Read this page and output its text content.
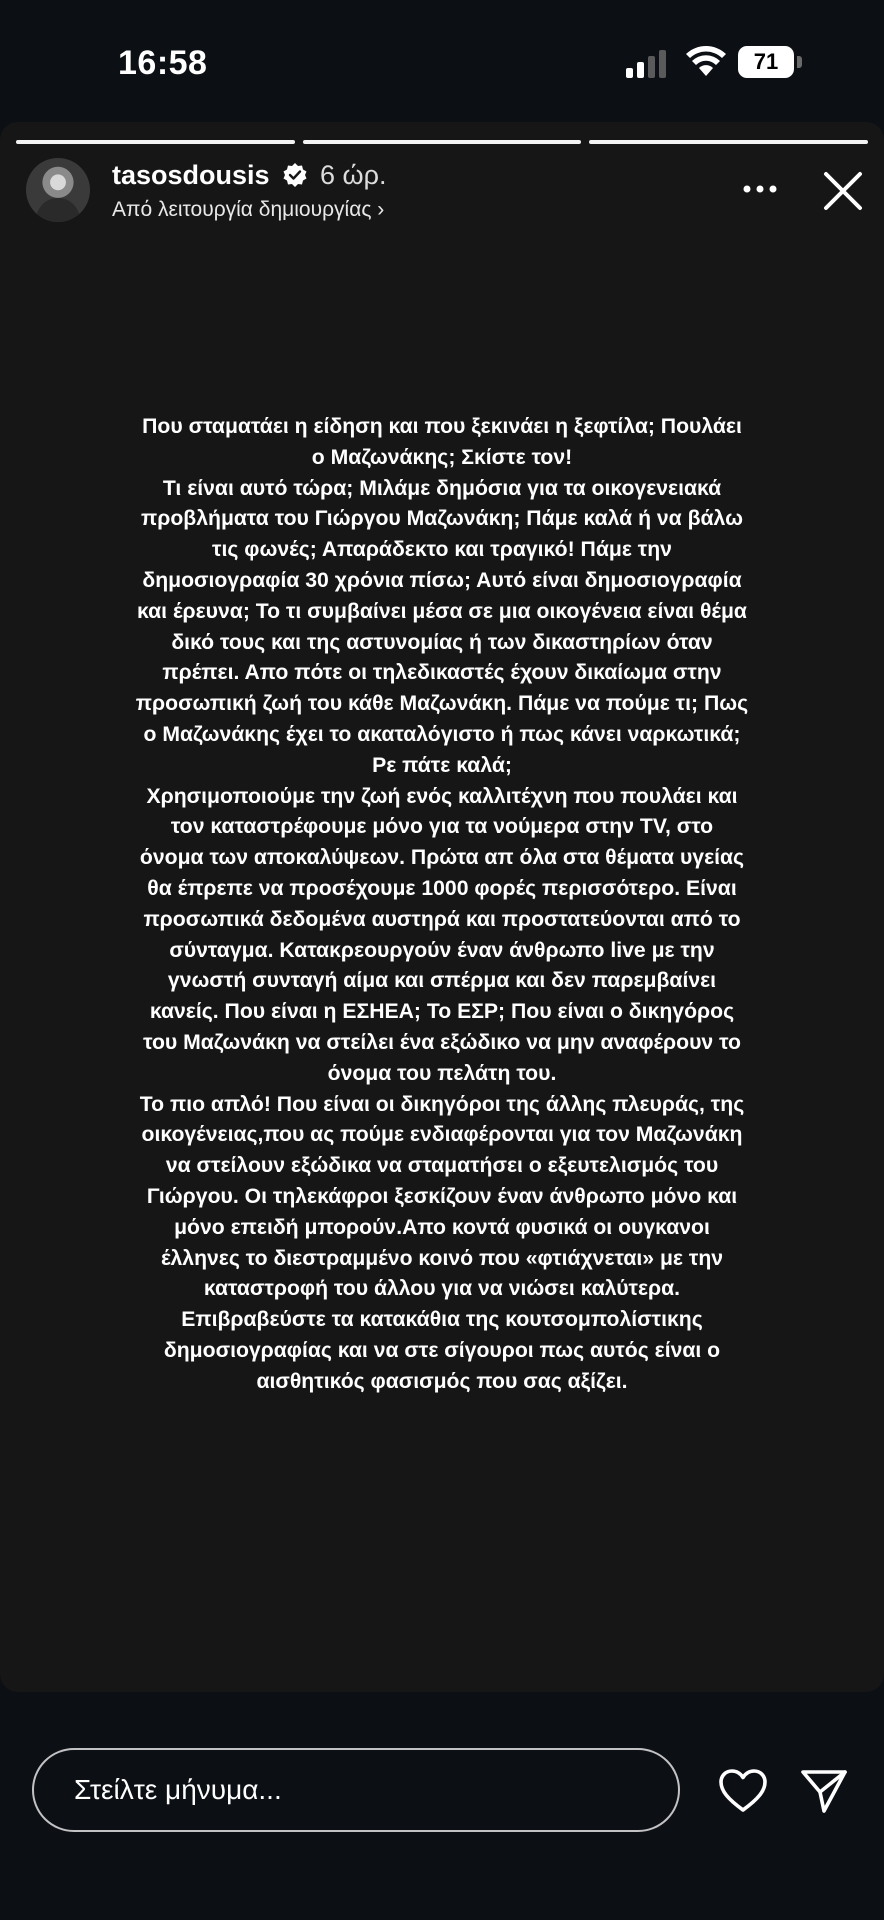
16:58	71
tasosdousis 6 ώρ.
Από λειτουργία δημιουργίας ›

Που σταματάει η είδηση και που ξεκινάει η ξεφτίλα; Πουλάει
ο Μαζωνάκης; Σκίστε τον!

Τι είναι αυτό τώρα; Μιλάμε δημόσια για τα οικογενειακά
προβλήματα του Γιώργου Μαζωνάκη; Πάμε καλά ή να βάλω
τις φωνές; Απαράδεκτο και τραγικό! Πάμε την
δημοσιογραφία 30 χρόνια πίσω; Αυτό είναι δημοσιογραφία
και έρευνα; Το τι συμβαίνει μέσα σε μια οικογένεια είναι θέμα
δικό τους και της αστυνομίας ή των δικαστηρίων όταν
πρέπει. Απο πότε οι τηλεδικαστές έχουν δικαίωμα στην
προσωπική ζωή του κάθε Μαζωνάκη. Πάμε να πούμε τι; Πως
ο Μαζωνάκης έχει το ακαταλόγιστο ή πως κάνει ναρκωτικά;
Ρε πάτε καλά;

Χρησιμοποιούμε την ζωή ενός καλλιτέχνη που πουλάει και
τον καταστρέφουμε μόνο για τα νούμερα στην TV, στο
όνομα των αποκαλύψεων. Πρώτα απ όλα στα θέματα υγείας
θα έπρεπε να προσέχουμε 1000 φορές περισσότερο. Είναι
προσωπικά δεδομένα αυστηρά και προστατεύονται από το
σύνταγμα. Κατακρεουργούν έναν άνθρωπο live με την
γνωστή συνταγή αίμα και σπέρμα και δεν παρεμβαίνει
κανείς. Που είναι η ΕΣΗΕΑ; Το ΕΣΡ; Που είναι ο δικηγόρος
του Μαζωνάκη να στείλει ένα εξώδικο να μην αναφέρουν το
όνομα του πελάτη του.

Το πιο απλό! Που είναι οι δικηγόροι της άλλης πλευράς, της
οικογένειας,που ας πούμε ενδιαφέρονται για τον Μαζωνάκη
να στείλουν εξώδικα να σταματήσει ο εξευτελισμός του
Γιώργου. Οι τηλεκάφροι ξεσκίζουν έναν άνθρωπο μόνο και
μόνο επειδή μπορούν.Απο κοντά φυσικά οι ουγκανοι
έλληνες το διεστραμμένο κοινό που «φτιάχνεται» με την
καταστροφή του άλλου για να νιώσει καλύτερα.
Επιβραβεύστε τα κατακάθια της κουτσομπολίστικης
δημοσιογραφίας και να στε σίγουροι πως αυτός είναι ο
αισθητικός φασισμός που σας αξίζει.

Στείλτε μήνυμα...
